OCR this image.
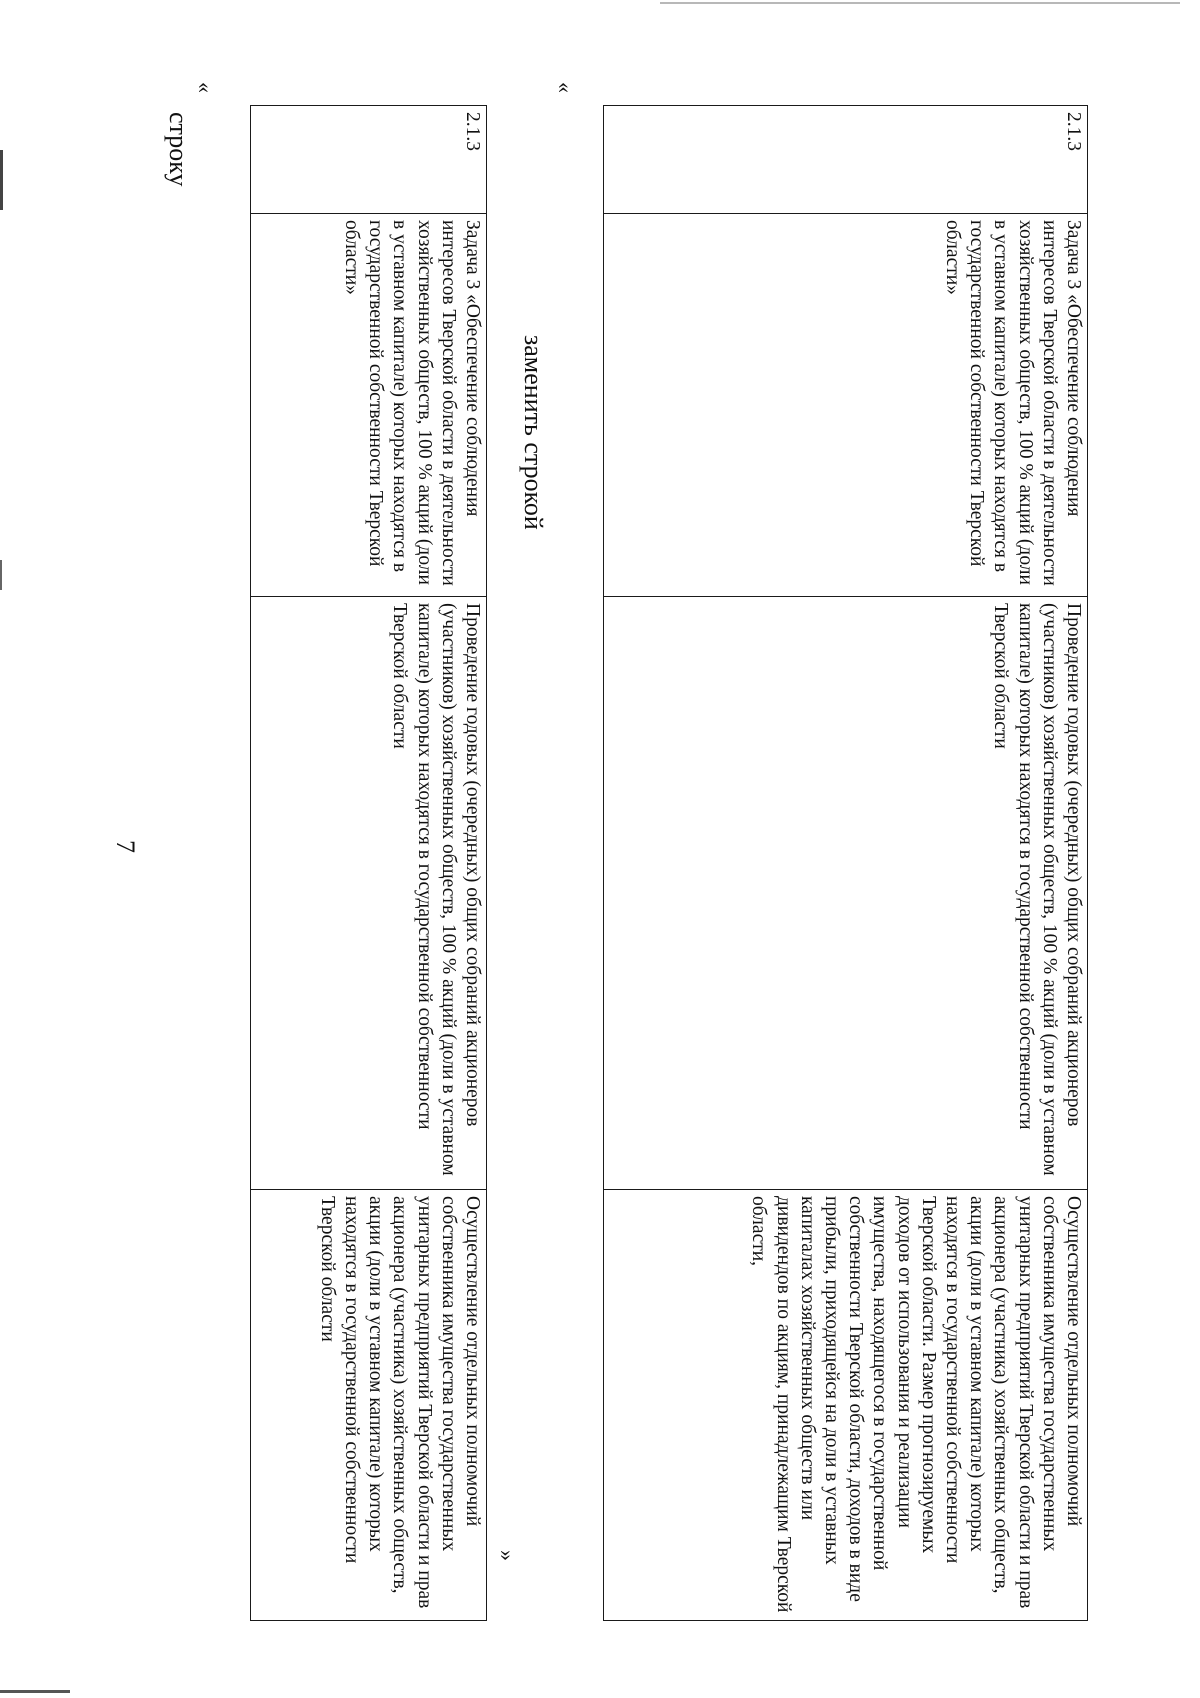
7
строку
«
2.1.3	Задача 3 «Обеспечение соблюдения интересов Тверской области в деятельности хозяйственных обществ, 100 % акций (доли в уставном капитале) которых находятся в государственной собственности Тверской области»	Проведение годовых (очередных) общих собраний акционеров (участников) хозяйственных обществ, 100 % акций (доли в уставном капитале) которых находятся в государственной собственности Тверской области	Осуществление отдельных полномочий собственника имущества государственных унитарных предприятий Тверской области и прав акционера (участника) хозяйственных обществ, акции (доли в уставном капитале) которых находятся в государственной собственности Тверской области
»
заменить строкой
«
2.1.3	Задача 3 «Обеспечение соблюдения интересов Тверской области в деятельности хозяйственных обществ, 100 % акций (доли в уставном капитале) которых находятся в государственной собственности Тверской области»	Проведение годовых (очередных) общих собраний акционеров (участников) хозяйственных обществ, 100 % акций (доли в уставном капитале) которых находятся в государственной собственности Тверской области	Осуществление отдельных полномочий собственника имущества государственных унитарных предприятий Тверской области и прав акционера (участника) хозяйственных обществ, акции (доли в уставном капитале) которых находятся в государственной собственности Тверской области. Размер прогнозируемых доходов от использования и реализации имущества, находящегося в государственной собственности Тверской области, доходов в виде прибыли, приходящейся на доли в уставных капиталах хозяйственных обществ или дивидендов по акциям, принадлежащим Тверской области,
